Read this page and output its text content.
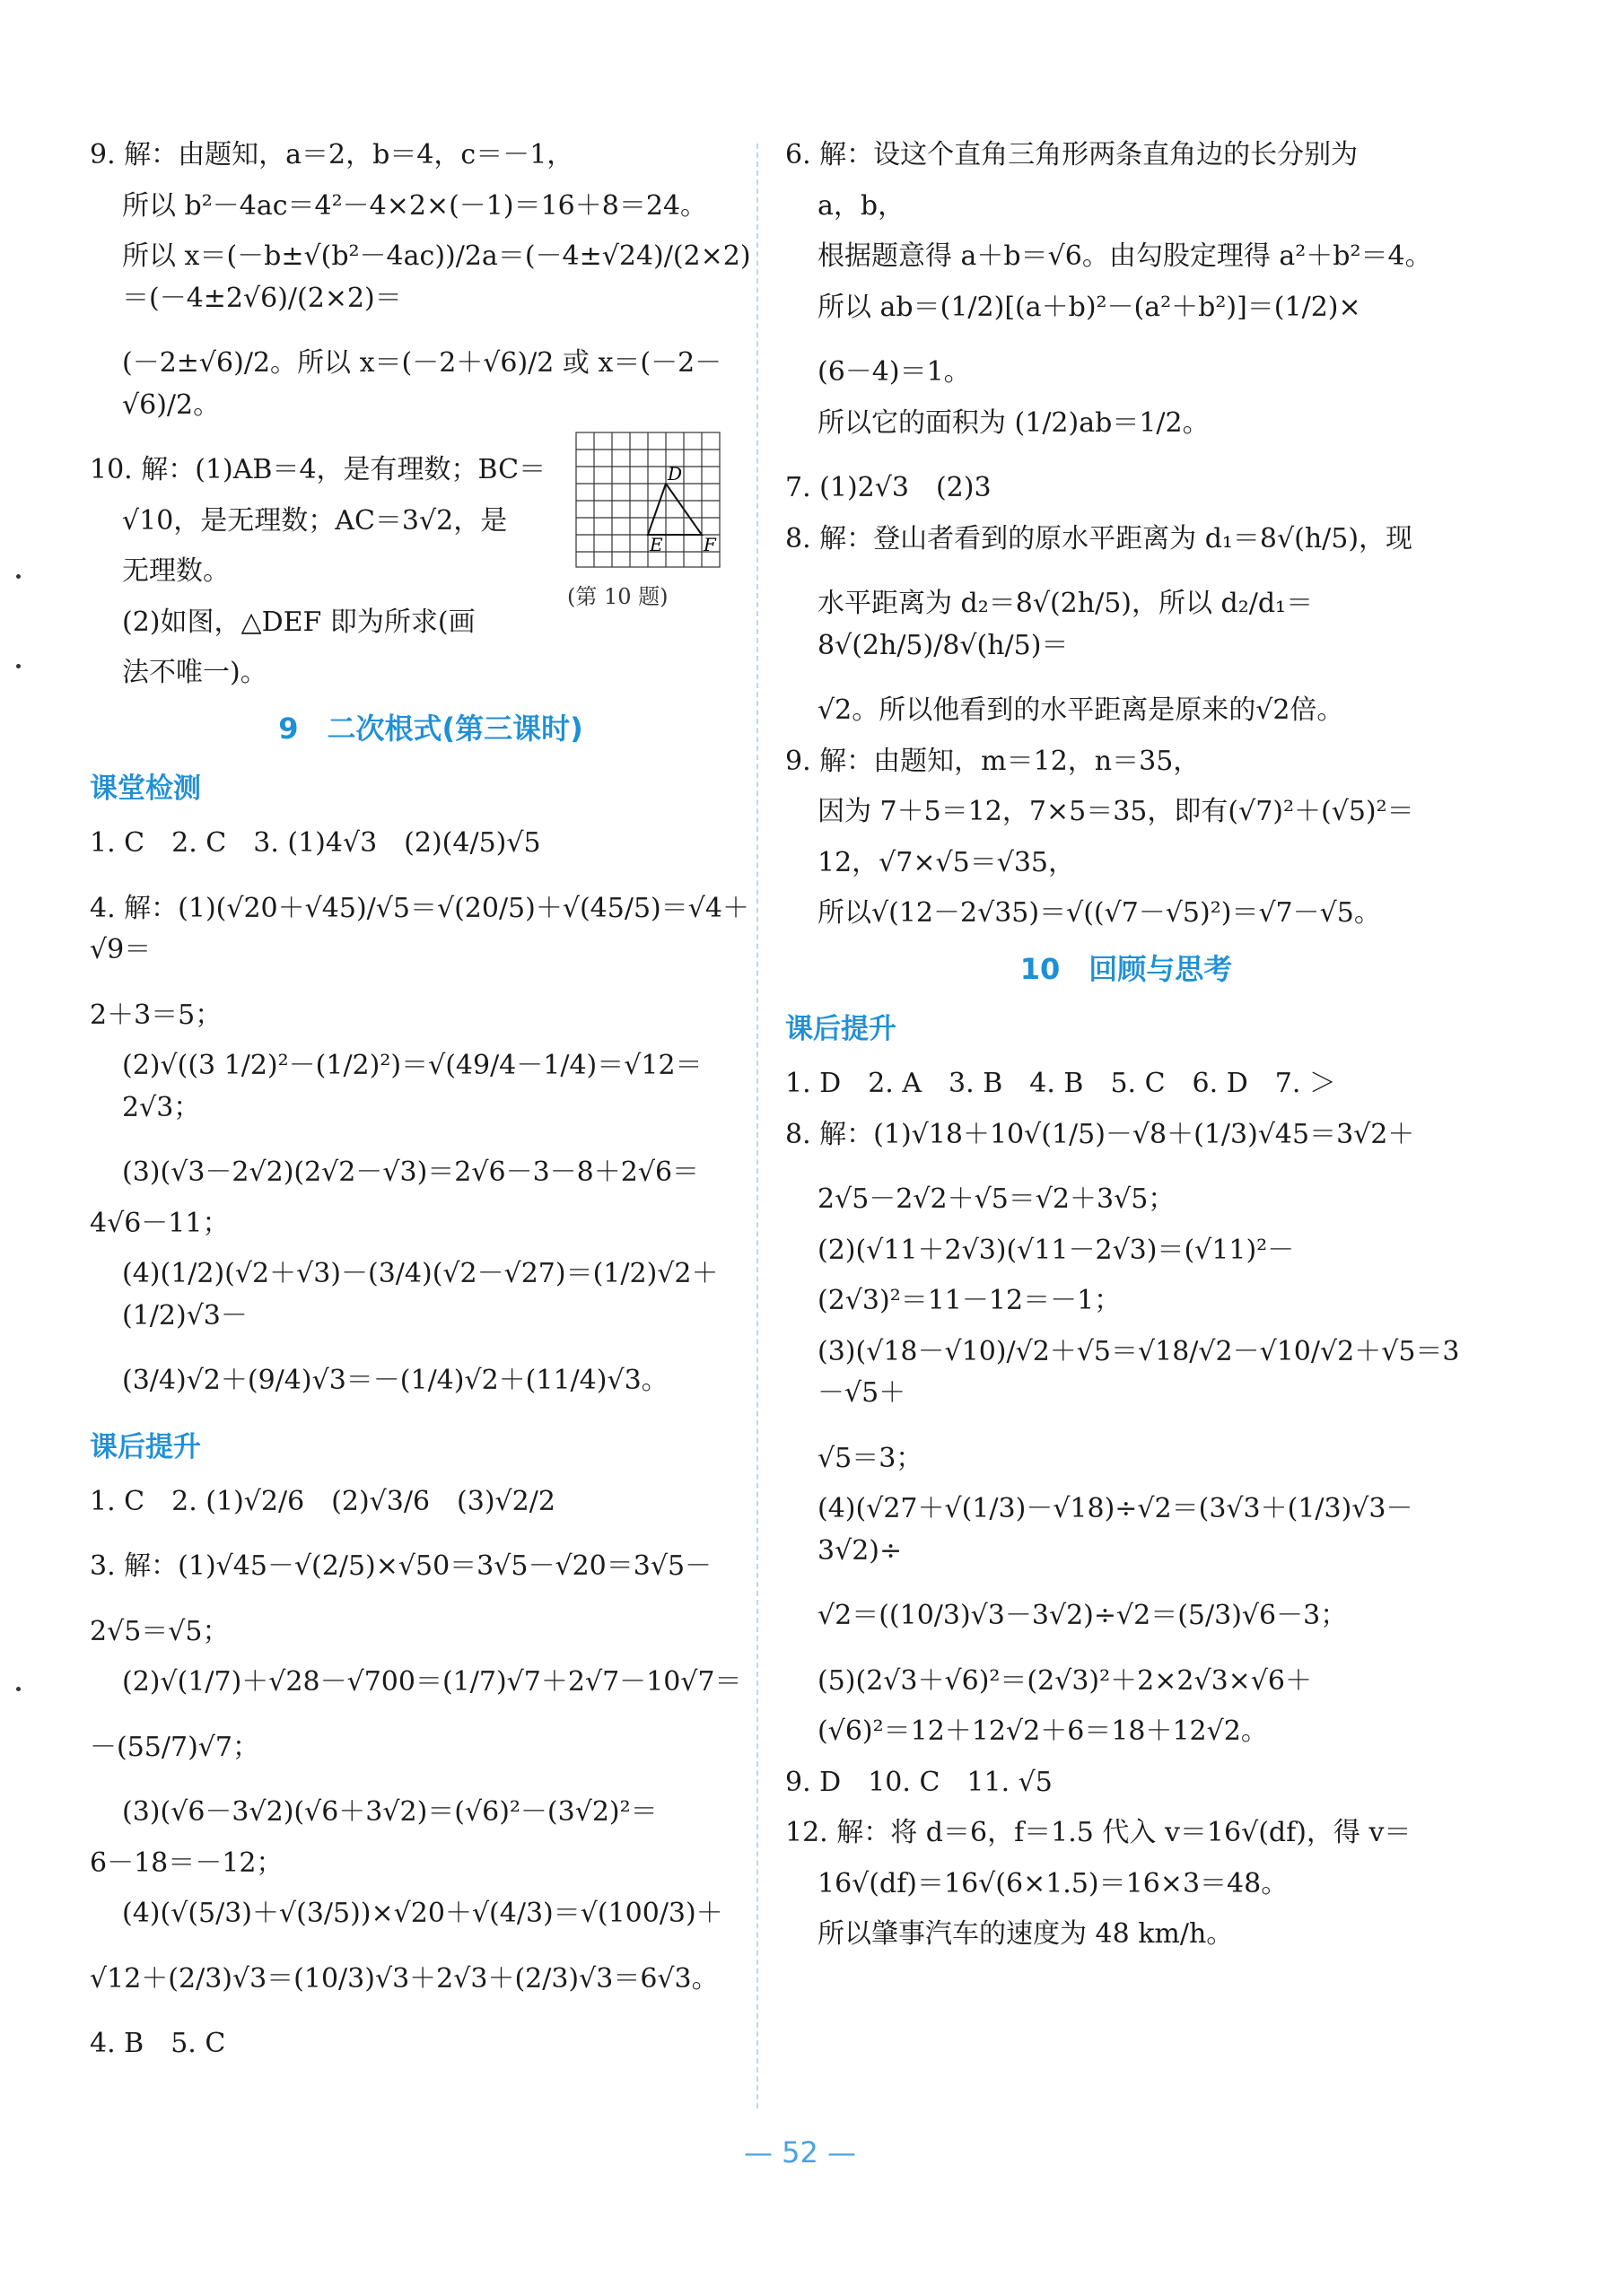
9. 解：由题知，a＝2，b＝4，c＝－1，
所以 b²－4ac＝4²－4×2×(－1)＝16＋8＝24。
所以 x＝(－b±√(b²－4ac))/2a＝(－4±√24)/(2×2)＝(－4±2√6)/(2×2)＝
(－2±√6)/2。所以 x＝(－2＋√6)/2 或 x＝(－2－√6)/2。
10. 解：(1)AB＝4，是有理数；BC＝
√10，是无理数；AC＝3√2，是
无理数。
(2)如图，△DEF 即为所求(画
法不唯一)。
9　二次根式(第三课时)
课堂检测
1. C　2. C　3. (1)4√3　(2)(4/5)√5
4. 解：(1)(√20＋√45)/√5＝√(20/5)＋√(45/5)＝√4＋√9＝
2＋3＝5；
(2)√((3 1/2)²－(1/2)²)＝√(49/4－1/4)＝√12＝2√3；
(3)(√3－2√2)(2√2－√3)＝2√6－3－8＋2√6＝
4√6－11；
(4)(1/2)(√2＋√3)－(3/4)(√2－√27)＝(1/2)√2＋(1/2)√3－
(3/4)√2＋(9/4)√3＝－(1/4)√2＋(11/4)√3。
课后提升
1. C　2. (1)√2/6　(2)√3/6　(3)√2/2
3. 解：(1)√45－√(2/5)×√50＝3√5－√20＝3√5－
2√5＝√5；
(2)√(1/7)＋√28－√700＝(1/7)√7＋2√7－10√7＝
－(55/7)√7；
(3)(√6－3√2)(√6＋3√2)＝(√6)²－(3√2)²＝
6－18＝－12；
(4)(√(5/3)＋√(3/5))×√20＋√(4/3)＝√(100/3)＋
√12＋(2/3)√3＝(10/3)√3＋2√3＋(2/3)√3＝6√3。
4. B　5. C
6. 解：设这个直角三角形两条直角边的长分别为
a，b，
根据题意得 a＋b＝√6。由勾股定理得 a²＋b²＝4。
所以 ab＝(1/2)[(a＋b)²－(a²＋b²)]＝(1/2)×
(6－4)＝1。
所以它的面积为 (1/2)ab＝1/2。
7. (1)2√3　(2)3
8. 解：登山者看到的原水平距离为 d₁＝8√(h/5)，现
水平距离为 d₂＝8√(2h/5)，所以 d₂/d₁＝8√(2h/5)/8√(h/5)＝
√2。所以他看到的水平距离是原来的√2倍。
9. 解：由题知，m＝12，n＝35，
因为 7＋5＝12，7×5＝35，即有(√7)²＋(√5)²＝
12，√7×√5＝√35，
所以√(12－2√35)＝√((√7－√5)²)＝√7－√5。
10　回顾与思考
课后提升
1. D　2. A　3. B　4. B　5. C　6. D　7. ＞
8. 解：(1)√18＋10√(1/5)－√8＋(1/3)√45＝3√2＋
2√5－2√2＋√5＝√2＋3√5；
(2)(√11＋2√3)(√11－2√3)＝(√11)²－
(2√3)²＝11－12＝－1；
(3)(√18－√10)/√2＋√5＝√18/√2－√10/√2＋√5＝3－√5＋
√5＝3；
(4)(√27＋√(1/3)－√18)÷√2＝(3√3＋(1/3)√3－3√2)÷
√2＝((10/3)√3－3√2)÷√2＝(5/3)√6－3；
(5)(2√3＋√6)²＝(2√3)²＋2×2√3×√6＋
(√6)²＝12＋12√2＋6＝18＋12√2。
9. D　10. C　11. √5
12. 解：将 d＝6，f＝1.5 代入 v＝16√(df)，得 v＝
16√(df)＝16√(6×1.5)＝16×3＝48。
所以肇事汽车的速度为 48 km/h。
D
E F
(第 10 题)
— 52 —
